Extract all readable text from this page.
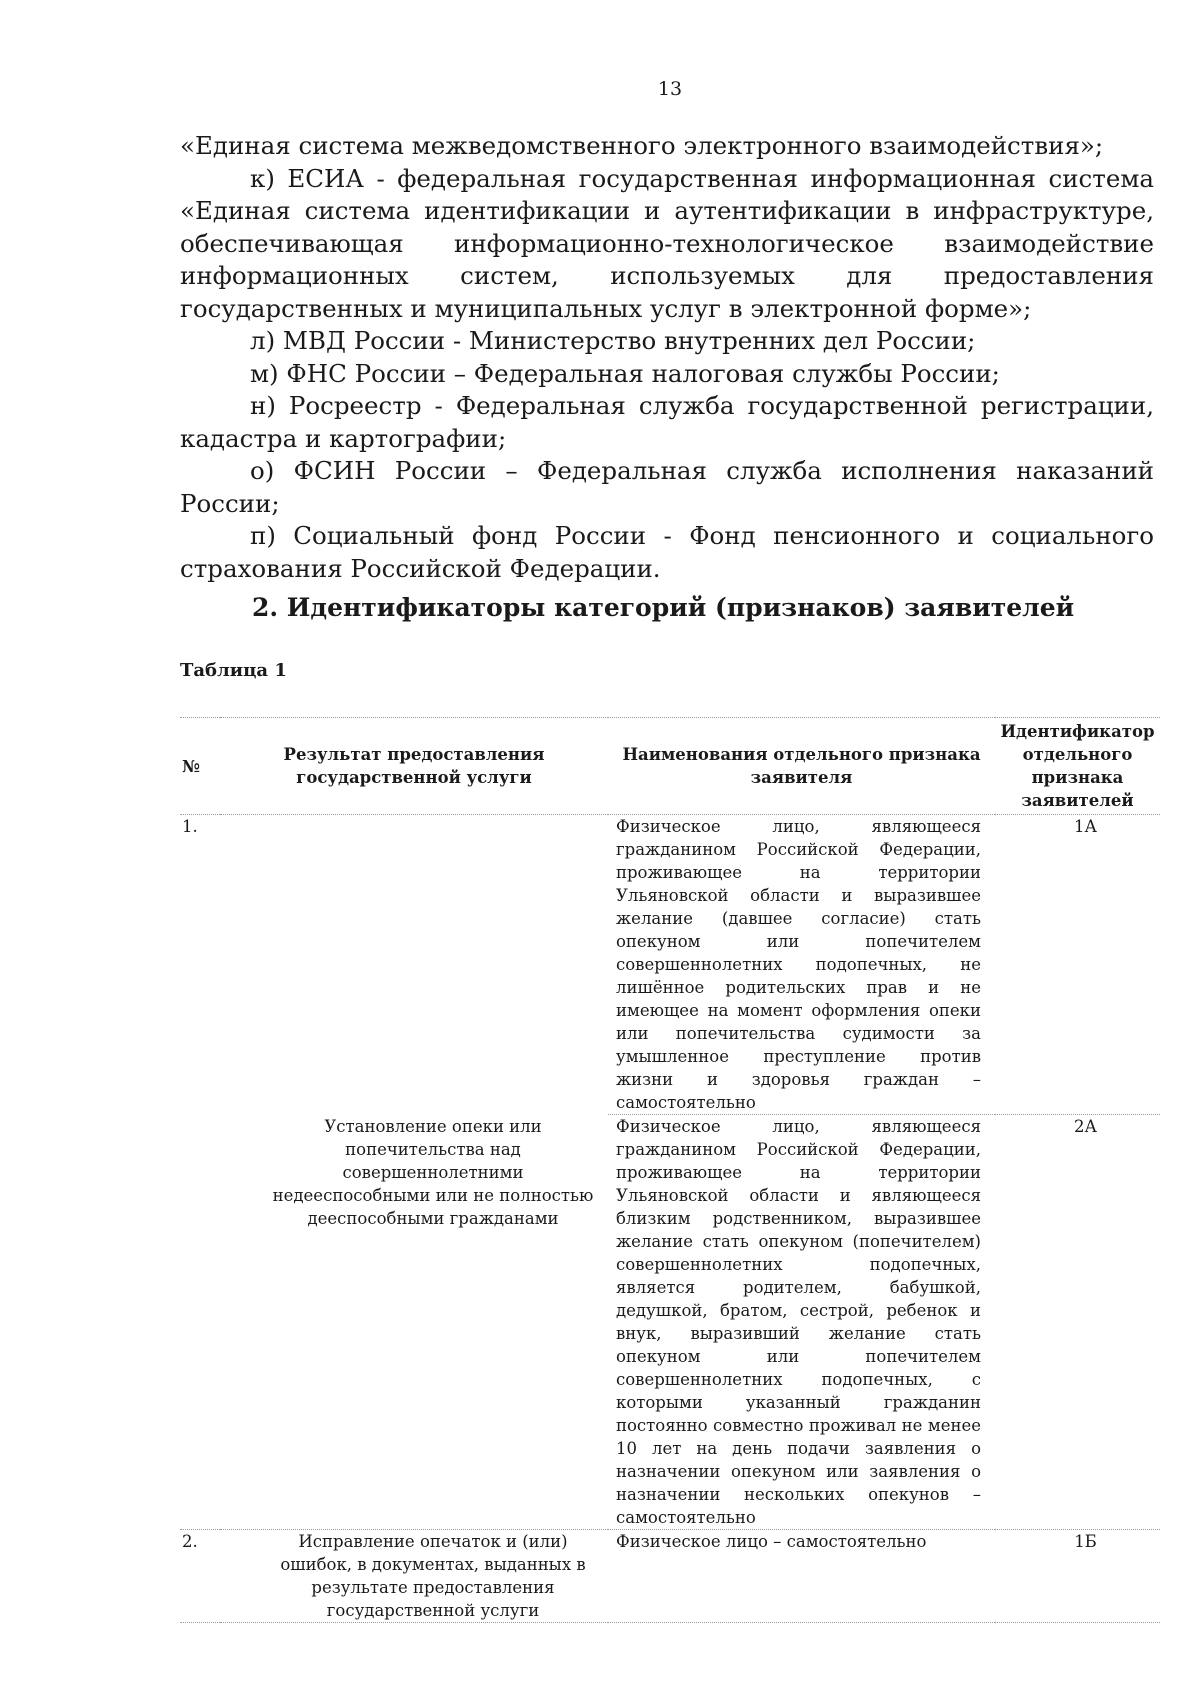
13

«Единая система межведомственного электронного взаимодействия»;

к) ЕСИА - федеральная государственная информационная система «Единая система идентификации и аутентификации в инфраструктуре, обеспечивающая информационно-технологическое взаимодействие информационных систем, используемых для предоставления государственных и муниципальных услуг в электронной форме»;

л) МВД России - Министерство внутренних дел России;

м) ФНС России – Федеральная налоговая службы России;

н) Росреестр - Федеральная служба государственной регистрации, кадастра и картографии;

о) ФСИН России – Федеральная служба исполнения наказаний России;

п) Социальный фонд России - Фонд пенсионного и социального страхования Российской Федерации.

2. Идентификаторы категорий (признаков) заявителей
Таблица 1
№	Результат предоставления государственной услуги	Наименования отдельного признака заявителя	Идентификатор отдельного признака заявителей
1.	Установление опеки или попечительства над совершеннолетними недееспособными или не полностью дееспособными гражданами	Физическое лицо, являющееся гражданином Российской Федерации, проживающее на территории Ульяновской области и выразившее желание (давшее согласие) стать опекуном или попечителем совершеннолетних подопечных, не лишённое родительских прав и не имеющее на момент оформления опеки или попечительства судимости за умышленное преступление против жизни и здоровья граждан – самостоятельно	1А
		Физическое лицо, являющееся гражданином Российской Федерации, проживающее на территории Ульяновской области и являющееся близким родственником, выразившее желание стать опекуном (попечителем) совершеннолетних подопечных, является родителем, бабушкой, дедушкой, братом, сестрой, ребенок и внук, выразивший желание стать опекуном или попечителем совершеннолетних подопечных, с которыми указанный гражданин постоянно совместно проживал не менее 10 лет на день подачи заявления о назначении опекуном или заявления о назначении нескольких опекунов – самостоятельно	2А
2.	Исправление опечаток и (или) ошибок, в документах, выданных в результате предоставления государственной услуги	Физическое лицо – самостоятельно	1Б
